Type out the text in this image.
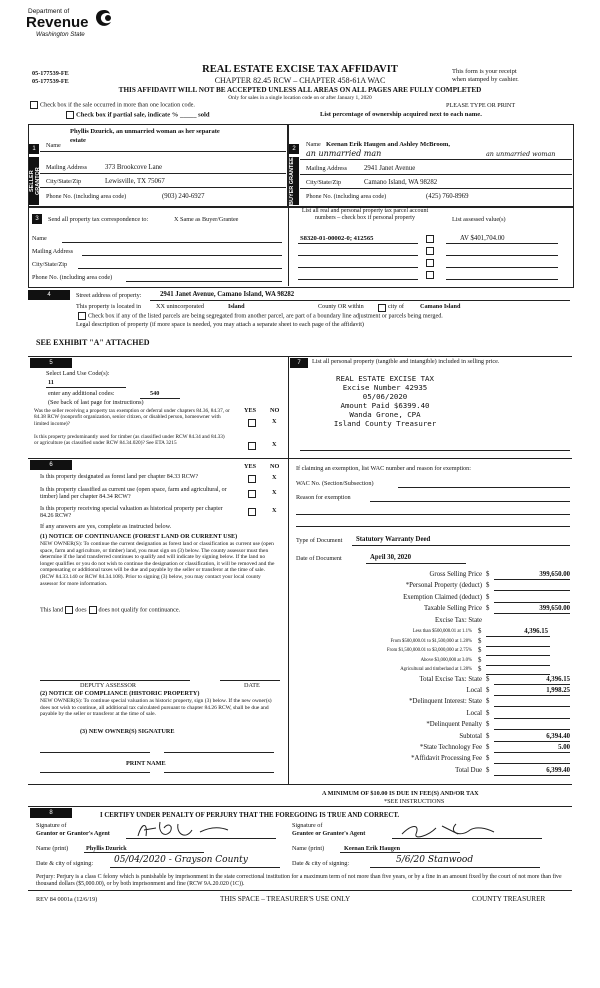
Department of
Revenue
Washington State
05-177539-FE
05-177539-FE
REAL ESTATE EXCISE TAX AFFIDAVIT
CHAPTER 82.45 RCW – CHAPTER 458-61A WAC
THIS AFFIDAVIT WILL NOT BE ACCEPTED UNLESS ALL AREAS ON ALL PAGES ARE FULLY COMPLETED
Only for sales in a single location code on or after January 1, 2020
This form is your receipt
when stamped by cashier.
Check box if the sale occurred in more than one location code.	PLEASE TYPE OR PRINT
Check box if partial sale, indicate % _____ sold	List percentage of ownership acquired next to each name.
1
SELLER GRANTOR
Name
Phyllis Dzurick, an unmarried woman as her separate
estate
Mailing Address	373 Brookcove Lane
City/State/Zip	Lewisville, TX 75067
Phone No. (including area code)	(903) 240-6927
2
BUYER GRANTEE
Name Keenan Erik Haugen and Ashley McBroom,
an unmarried man	an unmarried woman
Mailing Address 2941 Janet Avenue
City/State/Zip	Camano Island, WA 98282
Phone No. (including area code)	(425) 760-8969
3	Send all property tax correspondence to:	X Same as Buyer/Grantee
List all real and personal property tax parcel account numbers – check box if personal property	List assessed value(s)
S8320-01-00002-0; 412565	AV $401,704.00
Name
Mailing Address
City/State/Zip
Phone No. (including area code)
4	Street address of property:	2941 Janet Avenue, Camano Island, WA 98282
This property is located in XX unincorporated	Island	County OR within	city of	Camano Island
Check box if any of the listed parcels are being segregated from another parcel, are part of a boundary line adjustment or parcels being merged.
Legal description of property (if more space is needed, you may attach a separate sheet to each page of the affidavit)
SEE EXHIBIT "A" ATTACHED
5
Select Land Use Code(s):
11
enter any additional codes:	540
(See back of last page for instructions)
YES NO
Was the seller receiving a property tax exemption or deferral under chapters 84.36, 84.37, or 84.38 RCW (nonprofit organization, senior citizen, or disabled person, homeowner with limited income)?	X
Is this property predominantly used for timber (as classified under RCW 84.34 and 84.33) or agriculture (as classified under RCW 84.34.020)? See ETA 3215	X
7	List all personal property (tangible and intangible) included in selling price.
REAL ESTATE EXCISE TAX
Excise Number 42935
05/06/2020
Amount Paid $6399.40
Wanda Grone, CPA
Island County Treasurer
6	YES NO
Is this property designated as forest land per chapter 84.33 RCW?	X
Is this property classified as current use (open space, farm and agricultural, or timber) land per chapter 84.34 RCW?
X
Is this property receiving special valuation as historical property per chapter 84.26 RCW?
X
If any answers are yes, complete as instructed below.
(1) NOTICE OF CONTINUANCE (FOREST LAND OR CURRENT USE)
NEW OWNER(S): To continue the current designation as forest land or classification as current use (open space, farm and agriculture, or timber) land, you must sign on (3) below. The county assessor must then determine if the land transferred continues to qualify and will indicate by signing below. If the land no longer qualifies or you do not wish to continue the designation or classification, it will be removed and the compensating or additional taxes will be due and payable by the seller or transferor at the time of sale. (RCW 84.33.140 or RCW 84.34.108). Prior to signing (3) below, you may contact your local county assessor for more information.
This land does does not qualify for continuance.
DEPUTY ASSESSOR	DATE
(2) NOTICE OF COMPLIANCE (HISTORIC PROPERTY)
NEW OWNER(S): To continue special valuation as historic property, sign (3) below. If the new owner(s) does not wish to continue, all additional tax calculated pursuant to chapter 84.26 RCW, shall be due and payable by the seller or transferor at the time of sale.
(3) NEW OWNER(S) SIGNATURE
PRINT NAME
If claiming an exemption, list WAC number and reason for exemption:
WAC No. (Section/Subsection)
Reason for exemption
Type of Document Statutory Warranty Deed
Date of Document	April 30, 2020
Gross Selling Price $	399,650.00
*Personal Property (deduct) $
Exemption Claimed (deduct) $
Taxable Selling Price $	399,650.00
Excise Tax: State
Less than $500,000.01 at 1.1% $	4,396.15
From $500,000.01 to $1,500,000 at 1.28% $
From $1,500,000.01 to $3,000,000 at 2.75% $
Above $3,000,000 at 3.0% $
Agricultural and timberland at 1.28% $
Total Excise Tax: State $	4,396.15
Local $	1,998.25
*Delinquent Interest: State $
Local $
*Delinquent Penalty $
Subtotal $	6,394.40
*State Technology Fee $	5.00
*Affidavit Processing Fee $
Total Due $	6,399.40
A MINIMUM OF $10.00 IS DUE IN FEE(S) AND/OR TAX
*SEE INSTRUCTIONS
8	I CERTIFY UNDER PENALTY OF PERJURY THAT THE FOREGOING IS TRUE AND CORRECT.
Signature of
Grantor or Grantor's Agent
Signature of
Grantee or Grantee's Agent
Name (print)	Phyllis Dzurick	Name (print)	Keenan Erik Haugen
Date & city of signing: 05/04/2020 - Grayson County	Date & city of signing:	5/6/20 Stanwood
Perjury: Perjury is a class C felony which is punishable by imprisonment in the state correctional institution for a maximum term of not more than five years, or by a fine in an amount fixed by the court of not more than five thousand dollars ($5,000.00), or by both imprisonment and fine (RCW 9A.20.020 (1C)).
REV 84 0001a (12/6/19)	THIS SPACE – TREASURER'S USE ONLY	COUNTY TREASURER
